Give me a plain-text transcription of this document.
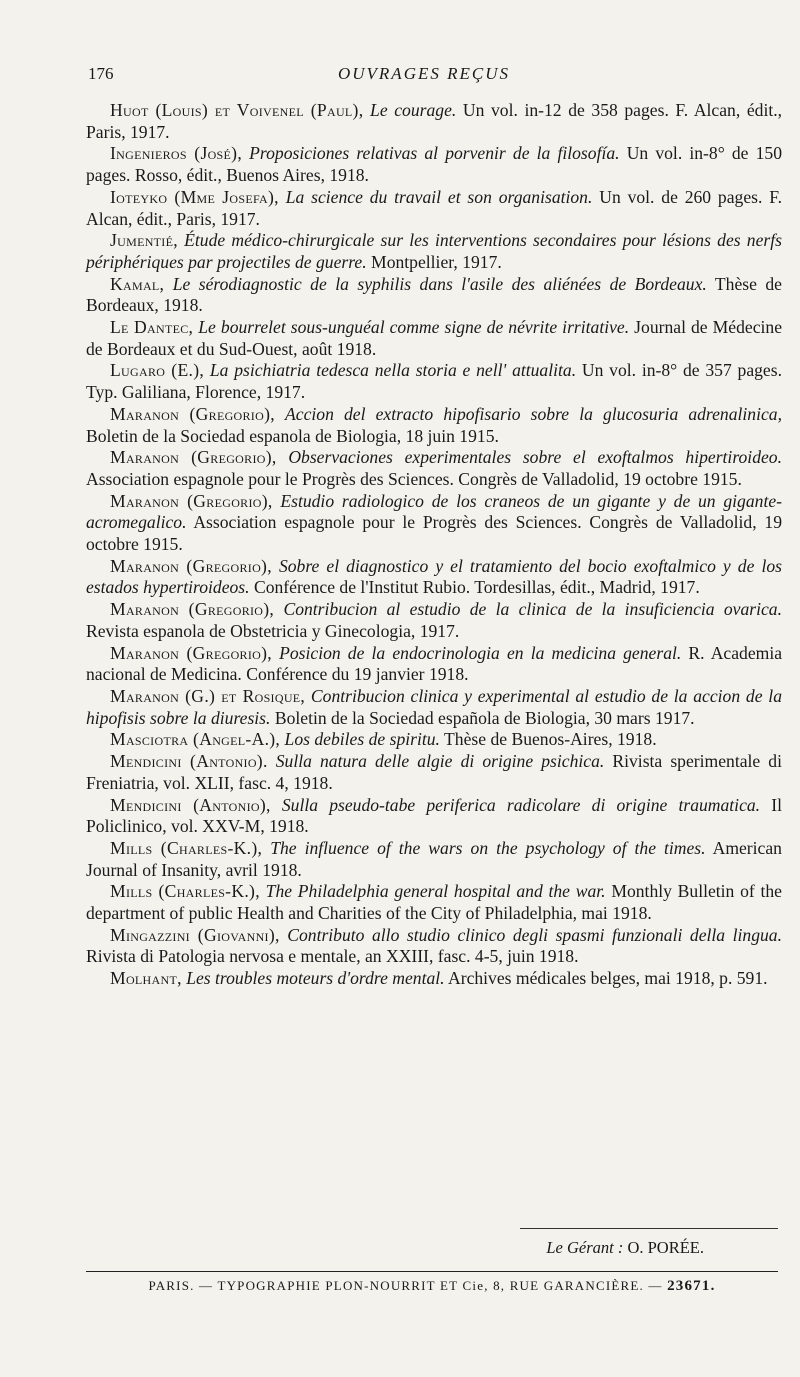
176	OUVRAGES REÇUS

Huot (Louis) et Voivenel (Paul), Le courage. Un vol. in-12 de 358 pages. F. Alcan, édit., Paris, 1917.

Ingenieros (José), Proposiciones relativas al porvenir de la filosofía. Un vol. in-8° de 150 pages. Rosso, édit., Buenos Aires, 1918.

Ioteyko (Mme Josefa), La science du travail et son organisation. Un vol. de 260 pages. F. Alcan, édit., Paris, 1917.

Jumentié, Étude médico-chirurgicale sur les interventions secondaires pour lésions des nerfs périphériques par projectiles de guerre. Montpellier, 1917.

Kamal, Le sérodiagnostic de la syphilis dans l'asile des aliénées de Bordeaux. Thèse de Bordeaux, 1918.

Le Dantec, Le bourrelet sous-unguéal comme signe de névrite irritative. Journal de Médecine de Bordeaux et du Sud-Ouest, août 1918.

Lugaro (E.), La psichiatria tedesca nella storia e nell' attualita. Un vol. in-8° de 357 pages. Typ. Galiliana, Florence, 1917.

Maranon (Gregorio), Accion del extracto hipofisario sobre la glucosuria adrenalinica, Boletin de la Sociedad espanola de Biologia, 18 juin 1915.

Maranon (Gregorio), Observaciones experimentales sobre el exoftalmos hipertiroideo. Association espagnole pour le Progrès des Sciences. Congrès de Valladolid, 19 octobre 1915.

Maranon (Gregorio), Estudio radiologico de los craneos de un gigante y de un gigante-acromegalico. Association espagnole pour le Progrès des Sciences. Congrès de Valladolid, 19 octobre 1915.

Maranon (Gregorio), Sobre el diagnostico y el tratamiento del bocio exoftalmico y de los estados hypertiroideos. Conférence de l'Institut Rubio. Tordesillas, édit., Madrid, 1917.

Maranon (Gregorio), Contribucion al estudio de la clinica de la insuficiencia ovarica. Revista espanola de Obstetricia y Ginecologia, 1917.

Maranon (Gregorio), Posicion de la endocrinologia en la medicina general. R. Academia nacional de Medicina. Conférence du 19 janvier 1918.

Maranon (G.) et Rosique, Contribucion clinica y experimental al estudio de la accion de la hipofisis sobre la diuresis. Boletin de la Sociedad española de Biologia, 30 mars 1917.

Masciotra (Angel-A.), Los debiles de spiritu. Thèse de Buenos-Aires, 1918.

Mendicini (Antonio). Sulla natura delle algie di origine psichica. Rivista sperimentale di Freniatria, vol. XLII, fasc. 4, 1918.

Mendicini (Antonio), Sulla pseudo-tabe periferica radicolare di origine traumatica. Il Policlinico, vol. XXV-M, 1918.

Mills (Charles-K.), The influence of the wars on the psychology of the times. American Journal of Insanity, avril 1918.

Mills (Charles-K.), The Philadelphia general hospital and the war. Monthly Bulletin of the department of public Health and Charities of the City of Philadelphia, mai 1918.

Mingazzini (Giovanni), Contributo allo studio clinico degli spasmi funzionali della lingua. Rivista di Patologia nervosa e mentale, an XXIII, fasc. 4-5, juin 1918.

Molhant, Les troubles moteurs d'ordre mental. Archives médicales belges, mai 1918, p. 591.

Le Gérant : O. PORÉE.
PARIS. — TYPOGRAPHIE PLON-NOURRIT ET Cie, 8, RUE GARANCIÈRE. — 23671.
